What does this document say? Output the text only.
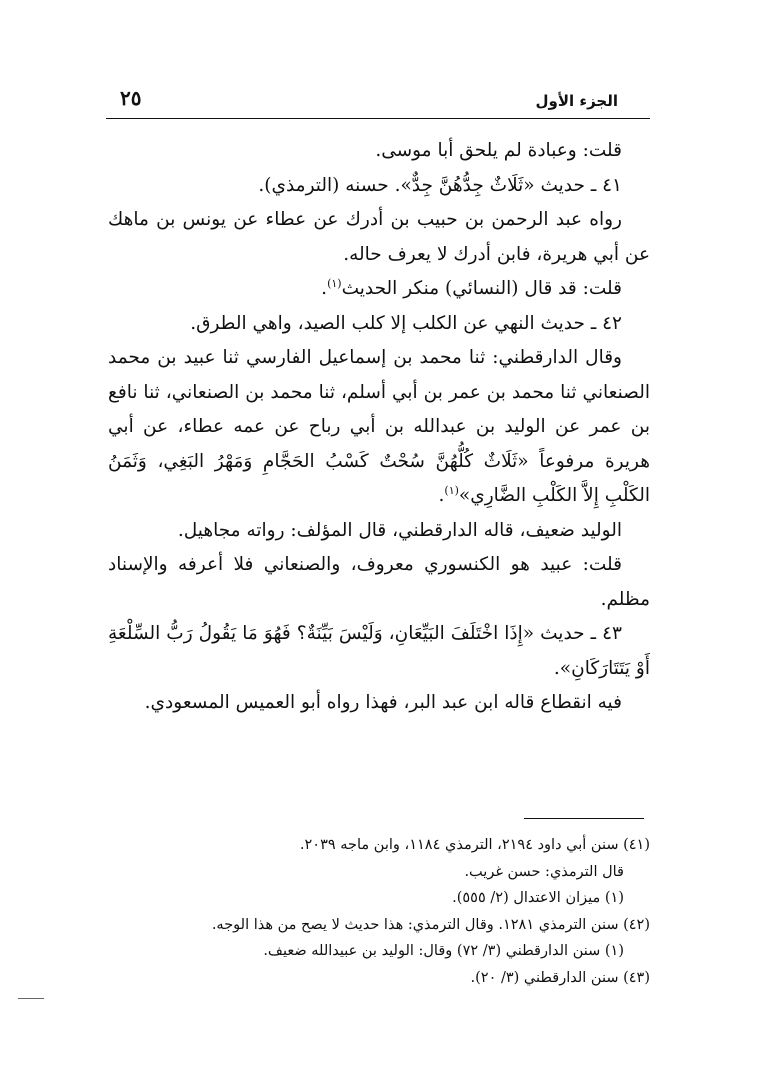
الجزء الأول
٢٥

قلت: وعبادة لم يلحق أبا موسى.

٤١ ـ حديث «ثَلَاثٌ جِدُّهُنَّ جِدٌّ». حسنه (الترمذي).

رواه عبد الرحمن بن حبيب بن أدرك عن عطاء عن يونس بن ماهك عن أبي هريرة، فابن أدرك لا يعرف حاله.

قلت: قد قال (النسائي) منكر الحديث$^{(١)}$.

٤٢ ـ حديث النهي عن الكلب إلا كلب الصيد، واهي الطرق.

وقال الدارقطني: ثنا محمد بن إسماعيل الفارسي ثنا عبيد بن محمد الصنعاني ثنا محمد بن عمر بن أبي أسلم، ثنا محمد بن الصنعاني، ثنا نافع بن عمر عن الوليد بن عبدالله بن أبي رباح عن عمه عطاء، عن أبي هريرة مرفوعاً «ثَلَاثٌ كُلُّهُنَّ سُحْتٌ كَسْبُ الحَجَّامِ وَمَهْرُ البَغِي، وَثَمَنُ الكَلْبِ إِلاَّ الكَلْبِ الضَّارِي»$^{(١)}$.

الوليد ضعيف، قاله الدارقطني، قال المؤلف: رواته مجاهيل.

قلت: عبيد هو الكنسوري معروف، والصنعاني فلا أعرفه والإسناد مظلم.

٤٣ ـ حديث «إِذَا اخْتَلَفَ البَيِّعَانِ، وَلَيْسَ بَيِّنَةٌ؟ فَهُوَ مَا يَقُولُ رَبُّ السِّلْعَةِ أَوْ يَتَتَارَكَانِ».

فيه انقطاع قاله ابن عبد البر، فهذا رواه أبو العميس المسعودي.

(٤١) سنن أبي داود ٢١٩٤، الترمذي ١١٨٤، وابن ماجه ٢٠٣٩.

قال الترمذي: حسن غريب.

(١) ميزان الاعتدال (٢/ ٥٥٥).

(٤٢) سنن الترمذي ١٢٨١. وقال الترمذي: هذا حديث لا يصح من هذا الوجه.

(١) سنن الدارقطني (٣/ ٧٢) وقال: الوليد بن عبيدالله ضعيف.

(٤٣) سنن الدارقطني (٣/ ٢٠).
